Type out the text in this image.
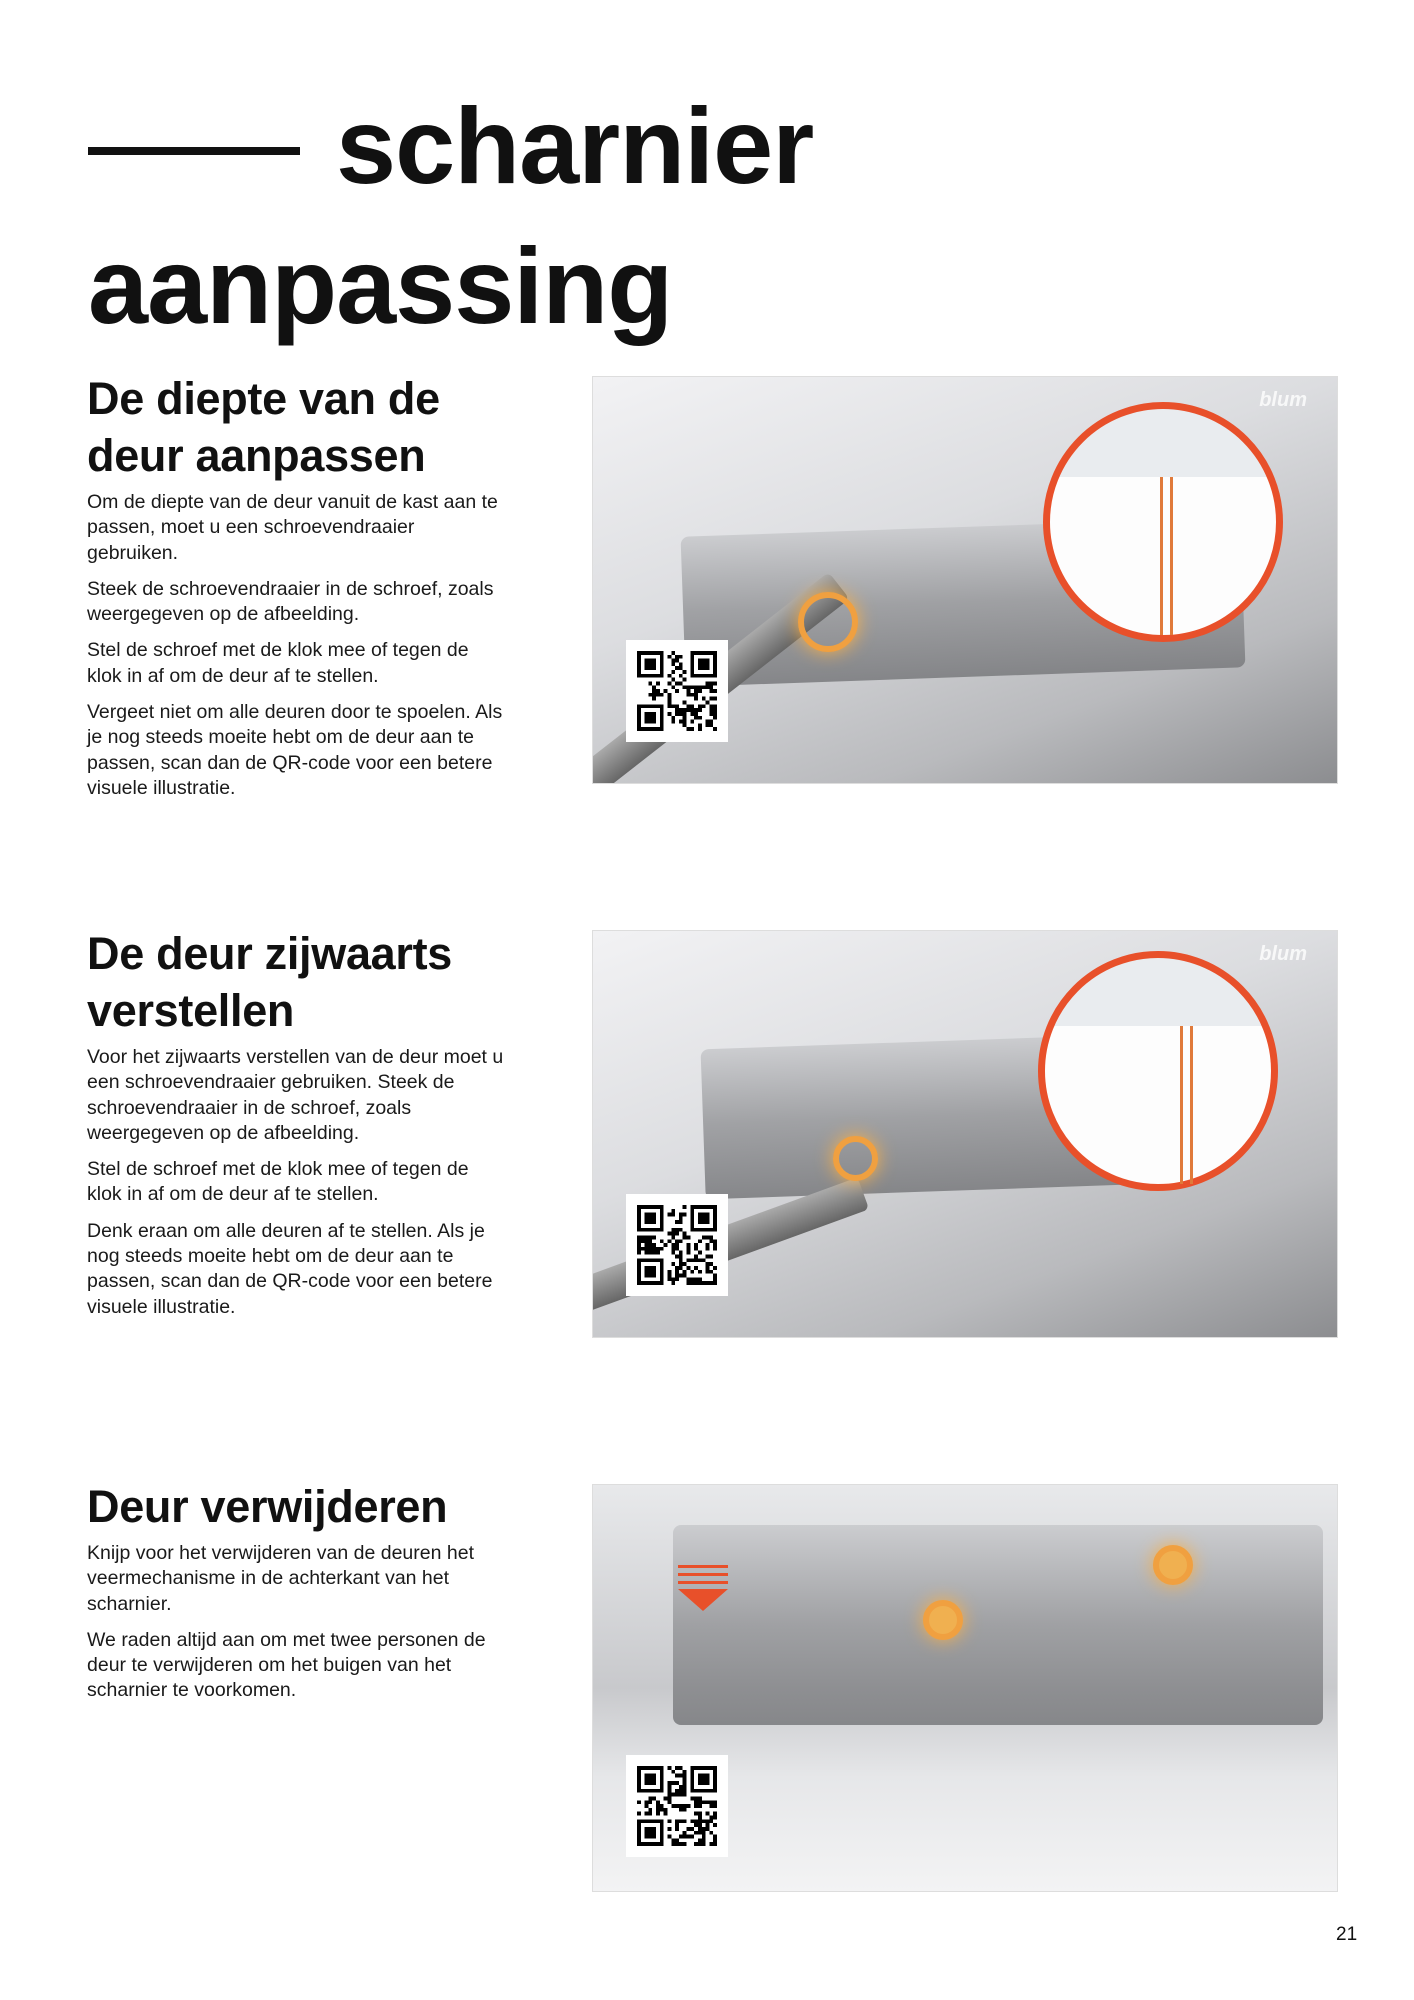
scharnier
aanpassing
De diepte van de deur aanpassen

Om de diepte van de deur vanuit de kast aan te passen, moet u een schroevendraaier gebruiken.

Steek de schroevendraaier in de schroef, zoals weergegeven op de afbeelding.

Stel de schroef met de klok mee of tegen de klok in af om de deur af te stellen.

Vergeet niet om alle deuren door te spoelen. Als je nog steeds moeite hebt om de deur aan te passen, scan dan de QR-code voor een betere visuele illustratie.

De deur zijwaarts verstellen

Voor het zijwaarts verstellen van de deur moet u een schroevendraaier gebruiken. Steek de schroevendraaier in de schroef, zoals weergegeven op de afbeelding.

Stel de schroef met de klok mee of tegen de klok in af om de deur af te stellen.

Denk eraan om alle deuren af te stellen. Als je nog steeds moeite hebt om de deur aan te passen, scan dan de QR-code voor een betere visuele illustratie.

Deur verwijderen

Knijp voor het verwijderen van de deuren het veermechanisme in de achterkant van het scharnier.

We raden altijd aan om met twee personen de deur te verwijderen om het buigen van het scharnier te voorkomen.

blum
blum
21
